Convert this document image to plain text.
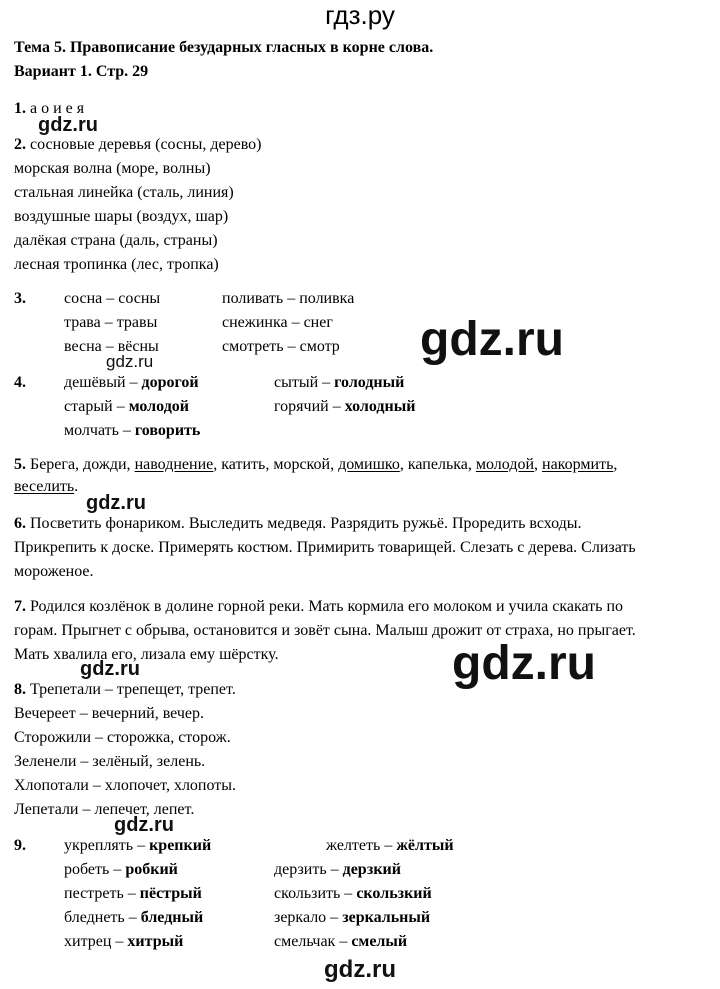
гдз.ру
Тема 5. Правописание безударных гласных в корне слова.
Вариант 1. Стр. 29
1. а о и е я
gdz.ru
2. сосновые деревья (сосны, дерево)
морская волна (море, волны)
стальная линейка (сталь, линия)
воздушные шары (воздух, шар)
далёкая страна (даль, страны)
лесная тропинка (лес, тропка)
3. сосна – сосны
трава – травы
весна – вёсны
поливать – поливка
снежинка – снег
смотреть – смотр gdz.ru
gdz.ru
4. дешёвый – дорогой
старый – молодой
молчать – говорить
сытый – голодный
горячий – холодный
5. Берега, дожди, наводнение, катить, морской, домишко, капелька, молодой, накормить,
веселить.
gdz.ru
6. Посветить фонариком. Выследить медведя. Разрядить ружьё. Проредить всходы.
Прикрепить к доске. Примерять костюм. Примирить товарищей. Слезать с дерева. Слизать
мороженое.
7. Родился козлёнок в долине горной реки. Мать кормила его молоком и учила скакать по
горам. Прыгнет с обрыва, остановится и зовёт сына. Малыш дрожит от страха, но прыгает.
Мать хвалила его, лизала ему шёрстку.	gdz.ru
gdz.ru
8. Трепетали – трепещет, трепет.
Вечереет – вечерний, вечер.
Сторожили – сторожка, сторож.
Зеленели – зелёный, зелень.
Хлопотали – хлопочет, хлопоты.
Лепетали – лепечет, лепет.
gdz.ru
9. укреплять – крепкий
робеть – робкий
пестреть – пёстрый
бледнеть – бледный
хитрец – хитрый
желтеть – жёлтый
дерзить – дерзкий
скользить – скользкий
зеркало – зеркальный
смельчак – смелый
gdz.ru
